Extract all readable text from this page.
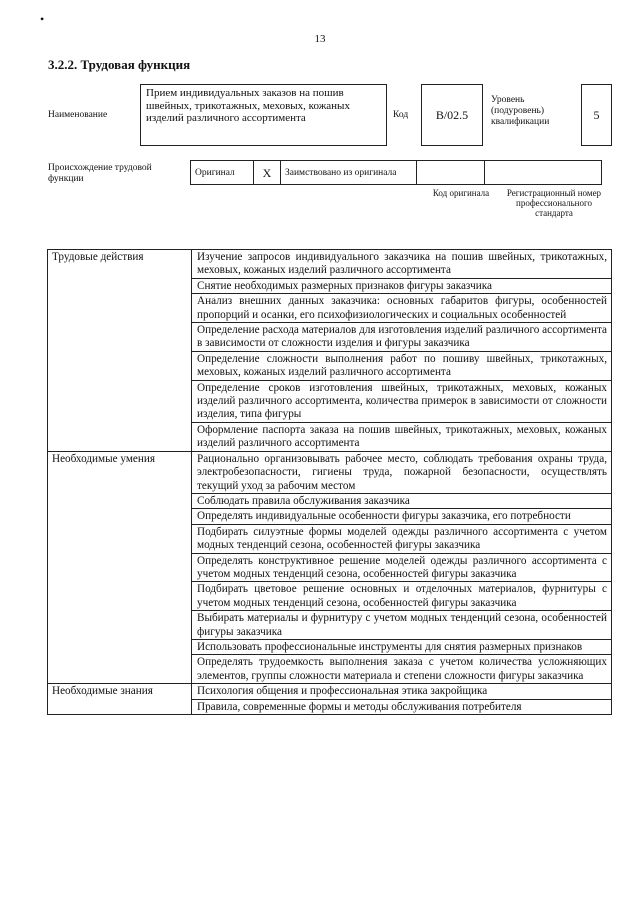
•
13
3.2.2. Трудовая функция
Наименование
Прием индивидуальных заказов на пошив швейных, трикотажных, меховых, кожаных изделий различного ассортимента	Код	В/02.5
Уровень (подуровень) квалификации
5
Происхождение трудовой функции
Оригинал	X	Заимствовано из оригинала		
Код оригинала	Регистрационный номер профессионального стандарта
Трудовые действия	Изучение запросов индивидуального заказчика на пошив швейных, трикотажных, меховых, кожаных изделий различного ассортимента
	Снятие необходимых размерных признаков фигуры заказчика
	Анализ внешних данных заказчика: основных габаритов фигуры, особенностей пропорций и осанки, его психофизиологических и социальных особенностей
	Определение расхода материалов для изготовления изделий различного ассортимента в зависимости от сложности изделия и фигуры заказчика
	Определение сложности выполнения работ по пошиву швейных, трикотажных, меховых, кожаных изделий различного ассортимента
	Определение сроков изготовления швейных, трикотажных, меховых, кожаных изделий различного ассортимента, количества примерок в зависимости от сложности изделия, типа фигуры
	Оформление паспорта заказа на пошив швейных, трикотажных, меховых, кожаных изделий различного ассортимента
Необходимые умения	Рационально организовывать рабочее место, соблюдать требования охраны труда, электробезопасности, гигиены труда, пожарной безопасности, осуществлять текущий уход за рабочим местом
	Соблюдать правила обслуживания заказчика
	Определять индивидуальные особенности фигуры заказчика, его потребности
	Подбирать силуэтные формы моделей одежды различного ассортимента с учетом модных тенденций сезона, особенностей фигуры заказчика
	Определять конструктивное решение моделей одежды различного ассортимента с учетом модных тенденций сезона, особенностей фигуры заказчика
	Подбирать цветовое решение основных и отделочных материалов, фурнитуры с учетом модных тенденций сезона, особенностей фигуры заказчика
	Выбирать материалы и фурнитуру с учетом модных тенденций сезона, особенностей фигуры заказчика
	Использовать профессиональные инструменты для снятия размерных признаков
	Определять трудоемкость выполнения заказа с учетом количества усложняющих элементов, группы сложности материала и степени сложности фигуры заказчика
Необходимые знания	Психология общения и профессиональная этика закройщика
	Правила, современные формы и методы обслуживания потребителя
